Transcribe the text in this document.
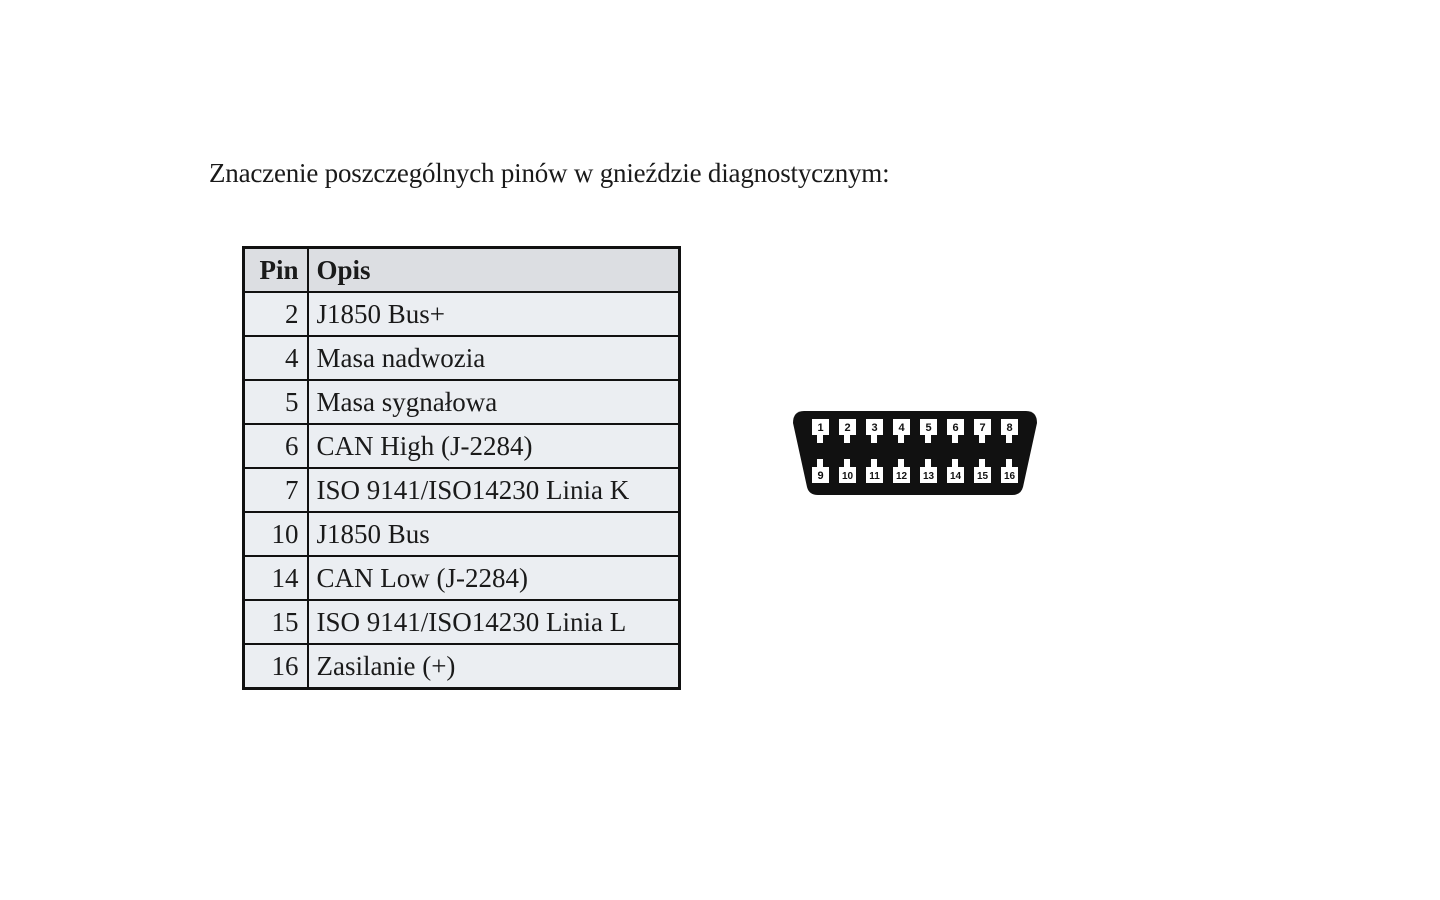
Znaczenie poszczególnych pinów w gnieździe diagnostycznym:
Pin	Opis
2	J1850 Bus+
4	Masa nadwozia
5	Masa sygnałowa
6	CAN High (J-2284)
7	ISO 9141/ISO14230 Linia K
10	J1850 Bus
14	CAN Low (J-2284)
15	ISO 9141/ISO14230 Linia L
16	Zasilanie (+)
1 2 3 4 5 6 7 8
9 10 11 12 13 14 15 16
